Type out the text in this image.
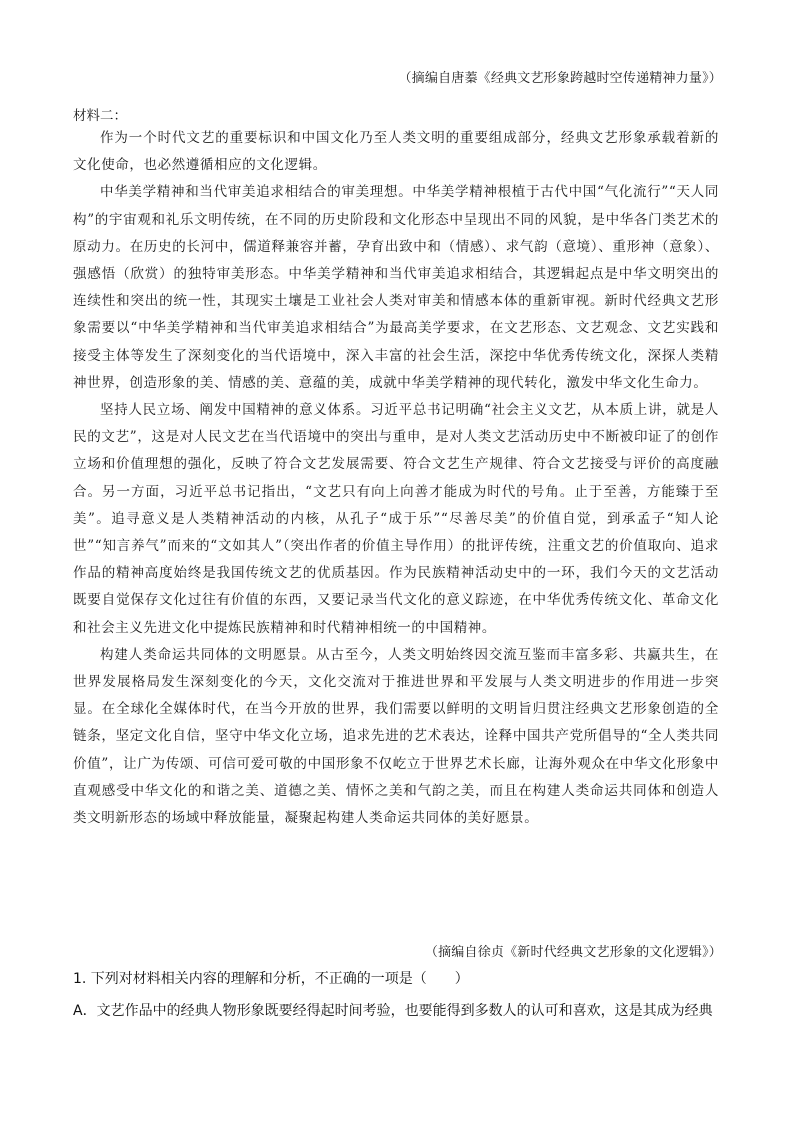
（摘编自唐蓁《经典文艺形象跨越时空传递精神力量》）
材料二：

作为一个时代文艺的重要标识和中国文化乃至人类文明的重要组成部分，经典文艺形象承载着新的文化使命，也必然遵循相应的文化逻辑。

中华美学精神和当代审美追求相结合的审美理想。中华美学精神根植于古代中国“气化流行”“天人同构”的宇宙观和礼乐文明传统，在不同的历史阶段和文化形态中呈现出不同的风貌，是中华各门类艺术的原动力。在历史的长河中，儒道释兼容并蓄，孕育出致中和（情感）、求气韵（意境）、重形神（意象）、强感悟（欣赏）的独特审美形态。中华美学精神和当代审美追求相结合，其逻辑起点是中华文明突出的连续性和突出的统一性，其现实土壤是工业社会人类对审美和情感本体的重新审视。新时代经典文艺形象需要以“中华美学精神和当代审美追求相结合”为最高美学要求，在文艺形态、文艺观念、文艺实践和接受主体等发生了深刻变化的当代语境中，深入丰富的社会生活，深挖中华优秀传统文化，深探人类精神世界，创造形象的美、情感的美、意蕴的美，成就中华美学精神的现代转化，激发中华文化生命力。

坚持人民立场、阐发中国精神的意义体系。习近平总书记明确“社会主义文艺，从本质上讲，就是人民的文艺”，这是对人民文艺在当代语境中的突出与重申，是对人类文艺活动历史中不断被印证了的创作立场和价值理想的强化，反映了符合文艺发展需要、符合文艺生产规律、符合文艺接受与评价的高度融合。另一方面，习近平总书记指出，“文艺只有向上向善才能成为时代的号角。止于至善，方能臻于至美”。追寻意义是人类精神活动的内核，从孔子“成于乐”“尽善尽美”的价值自觉，到承孟子“知人论世”“知言养气”而来的“文如其人”（突出作者的价值主导作用）的批评传统，注重文艺的价值取向、追求作品的精神高度始终是我国传统文艺的优质基因。作为民族精神活动史中的一环，我们今天的文艺活动既要自觉保存文化过往有价值的东西，又要记录当代文化的意义踪迹，在中华优秀传统文化、革命文化和社会主义先进文化中提炼民族精神和时代精神相统一的中国精神。

构建人类命运共同体的文明愿景。从古至今，人类文明始终因交流互鉴而丰富多彩、共赢共生，在世界发展格局发生深刻变化的今天，文化交流对于推进世界和平发展与人类文明进步的作用进一步突显。在全球化全媒体时代，在当今开放的世界，我们需要以鲜明的文明旨归贯注经典文艺形象创造的全链条，坚定文化自信，坚守中华文化立场，追求先进的艺术表达，诠释中国共产党所倡导的“全人类共同价值”，让广为传颂、可信可爱可敬的中国形象不仅屹立于世界艺术长廊，让海外观众在中华文化形象中直观感受中华文化的和谐之美、道德之美、情怀之美和气韵之美，而且在构建人类命运共同体和创造人类文明新形态的场域中释放能量，凝聚起构建人类命运共同体的美好愿景。

（摘编自徐贞《新时代经典文艺形象的文化逻辑》）
1. 下列对材料相关内容的理解和分析，不正确的一项是（　　）
A．文艺作品中的经典人物形象既要经得起时间考验，也要能得到多数人的认可和喜欢，这是其成为经典
